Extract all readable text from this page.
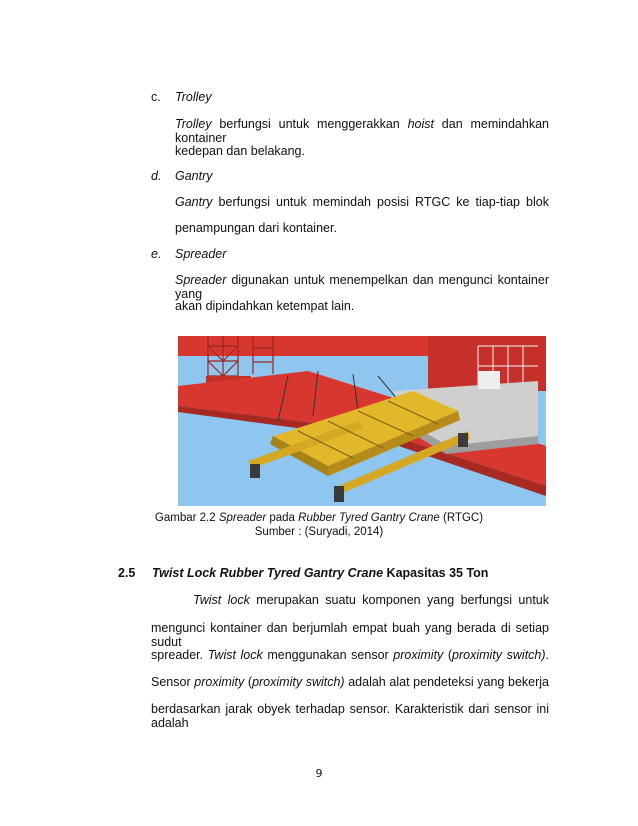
c. Trolley
Trolley berfungsi untuk menggerakkan hoist dan memindahkan kontainer
kedepan dan belakang.
d. Gantry
Gantry berfungsi untuk memindah posisi RTGC ke tiap-tiap blok
penampungan dari kontainer.
e. Spreader
Spreader digunakan untuk menempelkan dan mengunci kontainer yang
akan dipindahkan ketempat lain.
Gambar 2.2 Spreader pada Rubber Tyred Gantry Crane (RTGC)
Sumber : (Suryadi, 2014)
2.5 Twist Lock Rubber Tyred Gantry Crane Kapasitas 35 Ton
Twist lock merupakan suatu komponen yang berfungsi untuk
mengunci kontainer dan berjumlah empat buah yang berada di setiap sudut
spreader. Twist lock menggunakan sensor proximity (proximity switch).
Sensor proximity (proximity switch) adalah alat pendeteksi yang bekerja
berdasarkan jarak obyek terhadap sensor. Karakteristik dari sensor ini adalah
9
